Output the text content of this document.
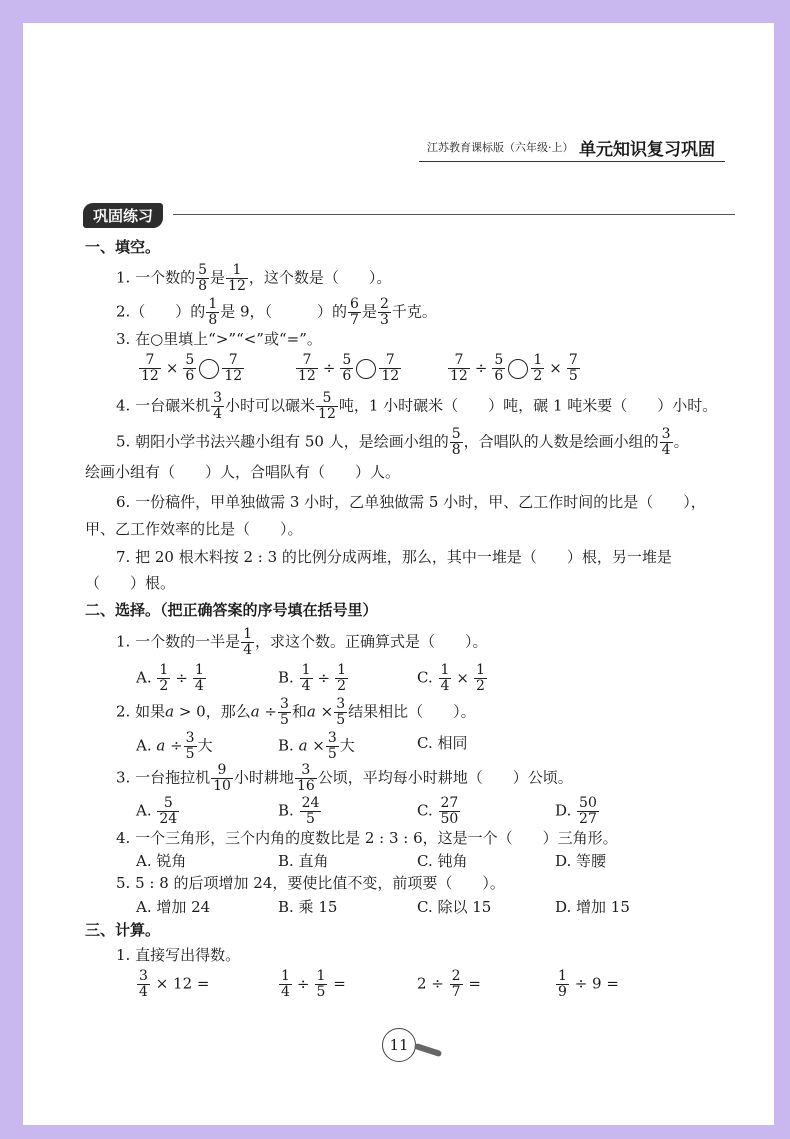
江苏教育课标版（六年级·上） 单元知识复习巩固
巩固练习
一、填空。
1. 一个数的 $\frac{5}{8}$ 是 $\frac{1}{12}$ ，这个数是（　　）。
2.（　　）的 $\frac{1}{8}$ 是 9，（　　　）的 $\frac{6}{7}$ 是 $\frac{2}{3}$ 千克。
3. 在○里填上“>”“<”或“=”。
$\frac{7}{12} \times \frac{5}{6} \frac{7}{12}$	$\frac{7}{12} \div \frac{5}{6} \frac{7}{12}$	$\frac{7}{12} \div \frac{5}{6} \frac{1}{2} \times \frac{7}{5}$
4. 一台碾米机 $\frac{3}{4}$ 小时可以碾米 $\frac{5}{12}$ 吨，1 小时碾米（　　）吨，碾 1 吨米要（　　）小时。
5. 朝阳小学书法兴趣小组有 50 人，是绘画小组的 $\frac{5}{8}$ ，合唱队的人数是绘画小组的 $\frac{3}{4}$ 。
绘画小组有（　　）人，合唱队有（　　）人。
6. 一份稿件，甲单独做需 3 小时，乙单独做需 5 小时，甲、乙工作时间的比是（　　），
甲、乙工作效率的比是（　　）。
7. 把 20 根木料按 2 : 3 的比例分成两堆，那么，其中一堆是（　　）根，另一堆是
（　　）根。
二、选择。（把正确答案的序号填在括号里）
1. 一个数的一半是 $\frac{1}{4}$ ，求这个数。正确算式是（　　）。
A. $\frac{1}{2} \div \frac{1}{4}$	B. $\frac{1}{4} \div \frac{1}{2}$	C. $\frac{1}{4} \times \frac{1}{2}$
2. 如果a > 0，那么$a \div \frac{3}{5}$ 和$a \times \frac{3}{5}$ 结果相比（　　）。
A. $a \div \frac{3}{5}$ 大	B. $a \times \frac{3}{5}$ 大	C. 相同
3. 一台拖拉机 $\frac{9}{10}$ 小时耕地 $\frac{3}{16}$ 公顷，平均每小时耕地（　　）公顷。
A. $\frac{5}{24}$	B. $\frac{24}{5}$	C. $\frac{27}{50}$	D. $\frac{50}{27}$
4. 一个三角形，三个内角的度数比是 2 : 3 : 6，这是一个（　　）三角形。
A. 锐角	B. 直角	C. 钝角	D. 等腰
5. 5 : 8 的后项增加 24，要使比值不变，前项要（　　）。
A. 增加 24	B. 乘 15	C. 除以 15	D. 增加 15
三、计算。
1. 直接写出得数。
$\frac{3}{4} \times 12$ =	$\frac{1}{4} \div \frac{1}{5}$ =	$2 \div \frac{2}{7}$ =	$\frac{1}{9} \div 9$ =
11
